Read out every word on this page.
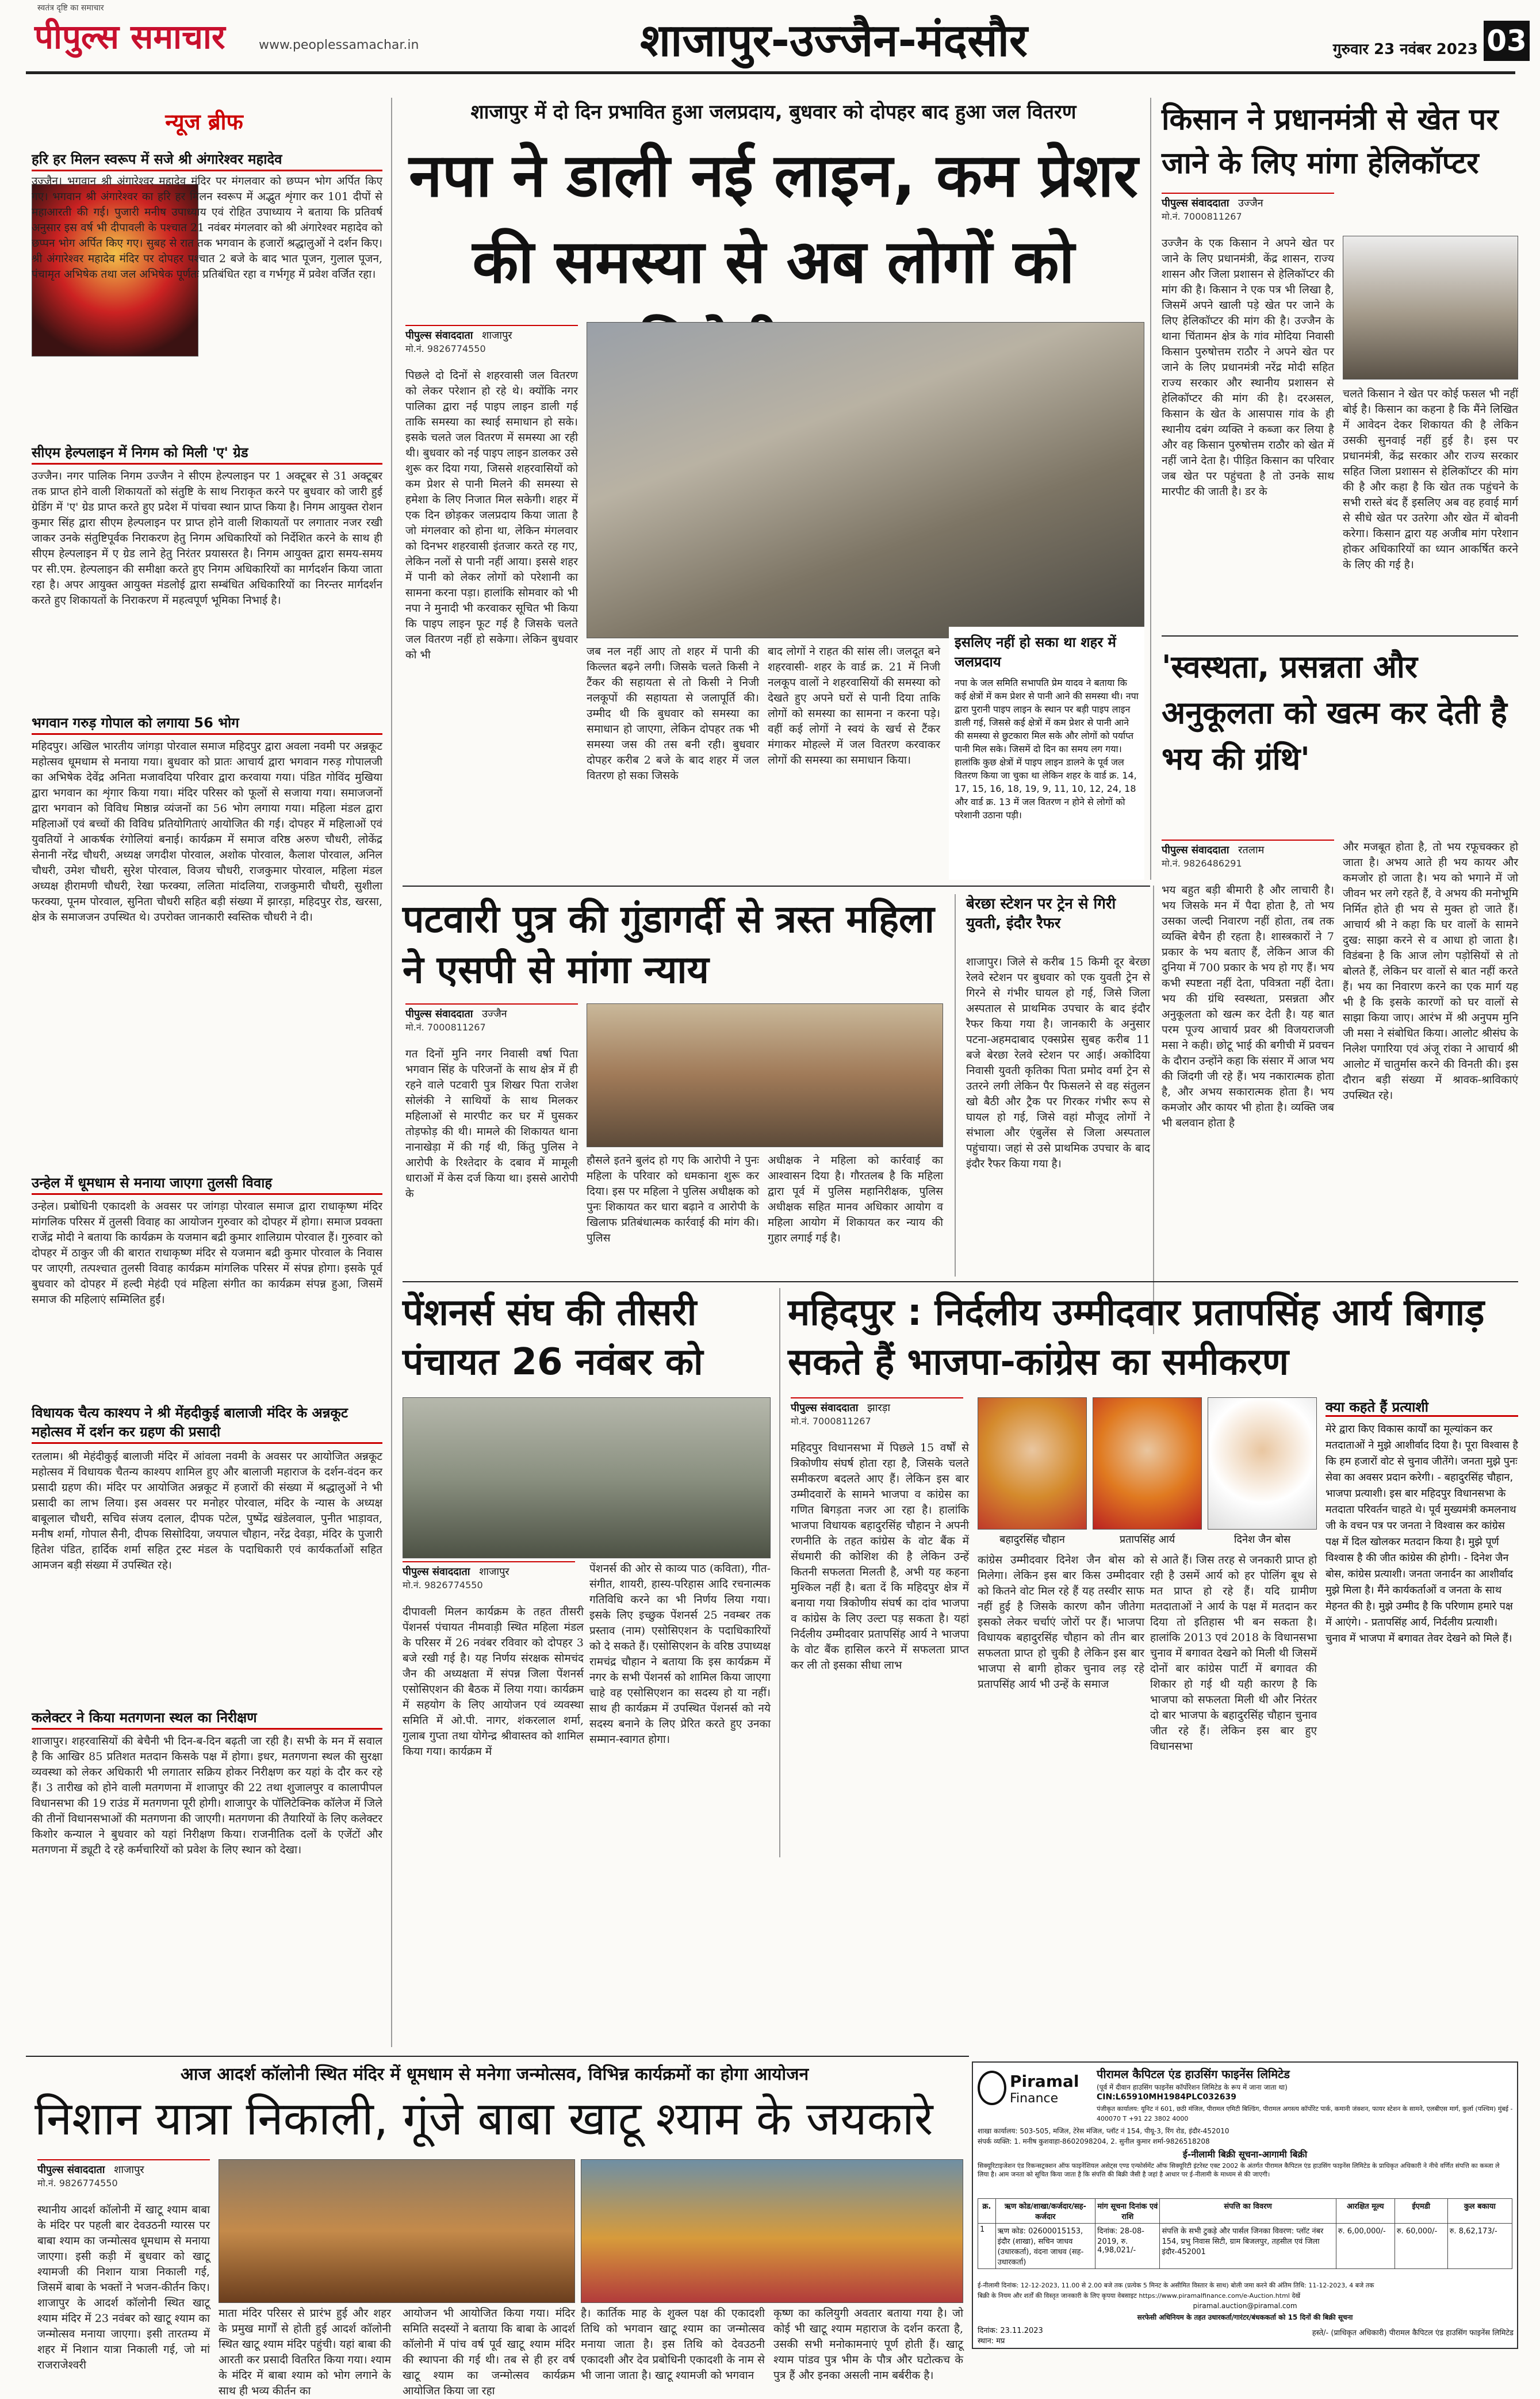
स्वतंत्र दृष्टि का समाचार
पीपुल्स समाचार	www.peoplessamachar.in	शाजापुर-उज्जैन-मंदसौर	गुरुवार 23 नवंबर 2023 03
न्यूज ब्रीफ
हरि हर मिलन स्वरूप में सजे श्री अंगारेश्वर महादेव
उज्जैन। भगवान श्री अंगारेश्वर महादेव मंदिर पर मंगलवार को छप्पन भोग अर्पित किए गए। भगवान श्री अंगारेश्वर का हरि हर मिलन स्वरूप में अद्भुत शृंगार कर 101 दीपों से महाआरती की गई। पुजारी मनीष उपाध्याय एवं रोहित उपाध्याय ने बताया कि प्रतिवर्ष अनुसार इस वर्ष भी दीपावली के पश्चात 21 नवंबर मंगलवार को श्री अंगारेश्वर महादेव को छप्पन भोग अर्पित किए गए। सुबह से रात तक भगवान के हजारों श्रद्धालुओं ने दर्शन किए। श्री अंगारेश्वर महादेव मंदिर पर दोपहर पश्चात 2 बजे के बाद भात पूजन, गुलाल पूजन, पंचामृत अभिषेक तथा जल अभिषेक पूर्णतः प्रतिबंधित रहा व गर्भगृह में प्रवेश वर्जित रहा।
सीएम हेल्पलाइन में निगम को मिली 'ए' ग्रेड
उज्जैन। नगर पालिक निगम उज्जैन ने सीएम हेल्पलाइन पर 1 अक्टूबर से 31 अक्टूबर तक प्राप्त होने वाली शिकायतों को संतुष्टि के साथ निराकृत करने पर बुधवार को जारी हुई ग्रेडिंग में 'ए' ग्रेड प्राप्त करते हुए प्रदेश में पांचवा स्थान प्राप्त किया है। निगम आयुक्त रोशन कुमार सिंह द्वारा सीएम हेल्पलाइन पर प्राप्त होने वाली शिकायतों पर लगातार नजर रखी जाकर उनके संतुष्टिपूर्वक निराकरण हेतु निगम अधिकारियों को निर्देशित करने के साथ ही सीएम हेल्पलाइन में ए ग्रेड लाने हेतु निरंतर प्रयासरत है। निगम आयुक्त द्वारा समय-समय पर सी.एम. हेल्पलाइन की समीक्षा करते हुए निगम अधिकारियों का मार्गदर्शन किया जाता रहा है। अपर आयुक्त आयुक्त मंडलोई द्वारा सम्बंधित अधिकारियों का निरन्तर मार्गदर्शन करते हुए शिकायतों के निराकरण में महत्वपूर्ण भूमिका निभाई है।
भगवान गरुड़ गोपाल को लगाया 56 भोग
महिदपुर। अखिल भारतीय जांगड़ा पोरवाल समाज महिदपुर द्वारा अवला नवमी पर अन्नकूट महोत्सव धूमधाम से मनाया गया। बुधवार को प्रातः आचार्य द्वारा भगवान गरुड़ गोपालजी का अभिषेक देवेंद्र अनिता मजावदिया परिवार द्वारा करवाया गया। पंडित गोविंद मुखिया द्वारा भगवान का शृंगार किया गया। मंदिर परिसर को फूलों से सजाया गया। समाजजनों द्वारा भगवान को विविध मिष्ठान्न व्यंजनों का 56 भोग लगाया गया। महिला मंडल द्वारा महिलाओं एवं बच्चों की विविध प्रतियोगिताएं आयोजित की गई। दोपहर में महिलाओं एवं युवतियों ने आकर्षक रंगोलियां बनाई। कार्यक्रम में समाज वरिष्ठ अरुण चौधरी, लोकेंद्र सेनानी नरेंद्र चौधरी, अध्यक्ष जगदीश पोरवाल, अशोक पोरवाल, कैलाश पोरवाल, अनिल चौधरी, उमेश चौधरी, सुरेश पोरवाल, विजय चौधरी, राजकुमार पोरवाल, महिला मंडल अध्यक्ष हीरामणी चौधरी, रेखा फरक्या, ललिता मांदलिया, राजकुमारी चौधरी, सुशीला फरक्या, पूनम पोरवाल, सुनिता चौधरी सहित बड़ी संख्या में झारड़ा, महिदपुर रोड, खरसा, क्षेत्र के समाजजन उपस्थित थे। उपरोक्त जानकारी स्वस्तिक चौधरी ने दी।
उन्हेल में धूमधाम से मनाया जाएगा तुलसी विवाह
उन्हेल। प्रबोधिनी एकादशी के अवसर पर जांगड़ा पोरवाल समाज द्वारा राधाकृष्ण मंदिर मांगलिक परिसर में तुलसी विवाह का आयोजन गुरुवार को दोपहर में होगा। समाज प्रवक्ता राजेंद्र मोदी ने बताया कि कार्यक्रम के यजमान बद्री कुमार शालिग्राम पोरवाल हैं। गुरुवार को दोपहर में ठाकुर जी की बारात राधाकृष्ण मंदिर से यजमान बद्री कुमार पोरवाल के निवास पर जाएगी, तत्पश्चात तुलसी विवाह कार्यक्रम मांगलिक परिसर में संपन्न होगा। इसके पूर्व बुधवार को दोपहर में हल्दी मेहंदी एवं महिला संगीत का कार्यक्रम संपन्न हुआ, जिसमें समाज की महिलाएं सम्मिलित हुईं।
विधायक चैत्य काश्यप ने श्री मेंहदीकुई बालाजी मंदिर के अन्नकूट महोत्सव में दर्शन कर ग्रहण की प्रसादी
रतलाम। श्री मेहंदीकुई बालाजी मंदिर में आंवला नवमी के अवसर पर आयोजित अन्नकूट महोत्सव में विधायक चैतन्य काश्यप शामिल हुए और बालाजी महाराज के दर्शन-वंदन कर प्रसादी ग्रहण की। मंदिर पर आयोजित अन्नकूट में हजारों की संख्या में श्रद्धालुओं ने भी प्रसादी का लाभ लिया। इस अवसर पर मनोहर पोरवाल, मंदिर के न्यास के अध्यक्ष बाबूलाल चौधरी, सचिव संजय दलाल, दीपक पटेल, पुष्पेंद्र खंडेलवाल, पुनीत भाड़ावत, मनीष शर्मा, गोपाल सैनी, दीपक सिसोदिया, जयपाल चौहान, नरेंद्र देवड़ा, मंदिर के पुजारी हितेश पंडित, हार्दिक शर्मा सहित ट्रस्ट मंडल के पदाधिकारी एवं कार्यकर्ताओं सहित आमजन बड़ी संख्या में उपस्थित रहे।
कलेक्टर ने किया मतगणना स्थल का निरीक्षण
शाजापुर। शहरवासियों की बेचैनी भी दिन-ब-दिन बढ़ती जा रही है। सभी के मन में सवाल है कि आखिर 85 प्रतिशत मतदान किसके पक्ष में होगा। इधर, मतगणना स्थल की सुरक्षा व्यवस्था को लेकर अधिकारी भी लगातार सक्रिय होकर निरीक्षण कर यहां के दौर कर रहे हैं। 3 तारीख को होने वाली मतगणना में शाजापुर की 22 तथा शुजालपुर व कालापीपल विधानसभा की 19 राउंड में मतगणना पूरी होगी। शाजापुर के पॉलिटेक्निक कॉलेज में जिले की तीनों विधानसभाओं की मतगणना की जाएगी। मतगणना की तैयारियों के लिए कलेक्टर किशोर कन्याल ने बुधवार को यहां निरीक्षण किया। राजनीतिक दलों के एजेंटों और मतगणना में ड्यूटी दे रहे कर्मचारियों को प्रवेश के लिए स्थान को देखा।
शाजापुर में दो दिन प्रभावित हुआ जलप्रदाय, बुधवार को दोपहर बाद हुआ जल वितरण
नपा ने डाली नई लाइन, कम प्रेशर की समस्या से अब लोगों को
पीपुल्स संवाददाता शाजापुर
मो.नं. 9826774550
पिछले दो दिनों से शहरवासी जल वितरण को लेकर परेशान हो रहे थे। क्योंकि नगर पालिका द्वारा नई पाइप लाइन डाली गई ताकि समस्या का स्थाई समाधान हो सके। इसके चलते जल वितरण में समस्या आ रही थी। बुधवार को नई पाइप लाइन डालकर उसे शुरू कर दिया गया, जिससे शहरवासियों को कम प्रेशर से पानी मिलने की समस्या से हमेशा के लिए निजात मिल सकेगी। शहर में एक दिन छोड़कर जलप्रदाय किया जाता है जो मंगलवार को होना था, लेकिन मंगलवार को दिनभर शहरवासी इंतजार करते रह गए, लेकिन नलों से पानी नहीं आया। इससे शहर में पानी को लेकर लोगों को परेशानी का सामना करना पड़ा। हालांकि सोमवार को भी नपा ने मुनादी भी करवाकर सूचित भी किया कि पाइप लाइन फूट गई है जिसके चलते जल वितरण नहीं हो सकेगा। लेकिन बुधवार को भी	जब नल नहीं आए तो शहर में पानी की किल्लत बढ़ने लगी। जिसके चलते किसी ने टैंकर की सहायता से तो किसी ने निजी नलकूपों की सहायता से जलापूर्ति की। उम्मीद थी कि बुधवार को समस्या का समाधान हो जाएगा, लेकिन दोपहर तक भी समस्या जस की तस बनी रही। बुधवार दोपहर करीब 2 बजे के बाद शहर में जल वितरण हो सका जिसके
बाद लोगों ने राहत की सांस ली। जलदूत बने शहरवासी- शहर के वार्ड क्र. 21 में निजी नलकूप वालों ने शहरवासियों की समस्या को देखते हुए अपने घरों से पानी दिया ताकि लोगों को समस्या का सामना न करना पड़े। वहीं कई लोगों ने स्वयं के खर्च से टैंकर मंगाकर मोहल्ले में जल वितरण करवाकर लोगों की समस्या का समाधान किया।
इसलिए नहीं हो सका था शहर में जलप्रदाय
नपा के जल समिति सभापति प्रेम यादव ने बताया कि कई क्षेत्रों में कम प्रेशर से पानी आने की समस्या थी। नपा द्वारा पुरानी पाइप लाइन के स्थान पर बड़ी पाइप लाइन डाली गई, जिससे कई क्षेत्रों में कम प्रेशर से पानी आने की समस्या से छुटकारा मिल सके और लोगों को पर्याप्त पानी मिल सके। जिसमें दो दिन का समय लग गया। हालांकि कुछ क्षेत्रों में पाइप लाइन डालने के पूर्व जल वितरण किया जा चुका था लेकिन शहर के वार्ड क्र. 14, 17, 15, 16, 18, 19, 9, 11, 10, 12, 24, 18 और वार्ड क्र. 13 में जल वितरण न होने से लोगों को परेशानी उठाना पड़ी।
किसान ने प्रधानमंत्री से खेत पर जाने के लिए मांगा हेलिकॉप्टर
पीपुल्स संवाददाता उज्जैन
मो.नं. 7000811267
उज्जैन के एक किसान ने अपने खेत पर जाने के लिए प्रधानमंत्री, केंद्र शासन, राज्य शासन और जिला प्रशासन से हेलिकॉप्टर की मांग की है। किसान ने एक पत्र भी लिखा है, जिसमें अपने खाली पड़े खेत पर जाने के लिए हेलिकॉप्टर की मांग की है। उज्जैन के थाना चिंतामन क्षेत्र के गांव मोदिया निवासी किसान पुरुषोत्तम राठौर ने अपने खेत पर जाने के लिए प्रधानमंत्री नरेंद्र मोदी सहित राज्य सरकार और स्थानीय प्रशासन से हेलिकॉप्टर की मांग की है। दरअसल, किसान के खेत के आसपास गांव के ही स्थानीय दबंग व्यक्ति ने कब्जा कर लिया है और वह किसान पुरुषोत्तम राठौर को खेत में नहीं जाने देता है। पीड़ित किसान का परिवार जब खेत पर पहुंचता है तो उनके साथ मारपीट की जाती है। डर के
चलते किसान ने खेत पर कोई फसल भी नहीं बोई है। किसान का कहना है कि मैंने लिखित में आवेदन देकर शिकायत की है लेकिन उसकी सुनवाई नहीं हुई है। इस पर प्रधानमंत्री, केंद्र सरकार और राज्य सरकार सहित जिला प्रशासन से हेलिकॉप्टर की मांग की है और कहा है कि खेत तक पहुंचने के सभी रास्ते बंद हैं इसलिए अब वह हवाई मार्ग से सीधे खेत पर उतरेगा और खेत में बोवनी करेगा। किसान द्वारा यह अजीब मांग परेशान होकर अधिकारियों का ध्यान आकर्षित करने के लिए की गई है।
'स्वस्थता, प्रसन्नता और अनुकूलता को खत्म कर देती है भय की ग्रंथि'
पीपुल्स संवाददाता रतलाम
मो.नं. 9826486291
भय बहुत बड़ी बीमारी है और लाचारी है। भय जिसके मन में पैदा होता है, तो भय उसका जल्दी निवारण नहीं होता, तब तक व्यक्ति बेचैन ही रहता है। शास्त्रकारों ने 7 प्रकार के भय बताए हैं, लेकिन आज की दुनिया में 700 प्रकार के भय हो गए हैं। भय कभी स्पष्टता नहीं देता, पवित्रता नहीं देता। भय की ग्रंथि स्वस्थता, प्रसन्नता और अनुकूलता को खत्म कर देती है। यह बात परम पूज्य आचार्य प्रवर श्री विजयराजजी मसा ने कही। छोटू भाई की बगीची में प्रवचन के दौरान उन्होंने कहा कि संसार में आज भय की जिंदगी जी रहे हैं। भय नकारात्मक होता है, और अभय सकारात्मक होता है। भय कमजोर और कायर भी होता है। व्यक्ति जब भी बलवान होता है
और मजबूत होता है, तो भय रफूचक्कर हो जाता है। अभय आते ही भय कायर और कमजोर हो जाता है। भय को भगाने में जो जीवन भर लगे रहते हैं, वे अभय की मनोभूमि निर्मित होते ही भय से मुक्त हो जाते हैं। आचार्य श्री ने कहा कि घर वालों के सामने दुख: साझा करने से व आधा हो जाता है। विडंबना है कि आज लोग पड़ोसियों से तो बोलते हैं, लेकिन घर वालों से बात नहीं करते हैं। भय का निवारण करने का एक मार्ग यह भी है कि इसके कारणों को घर वालों से साझा किया जाए। आरंभ में श्री अनुपम मुनि जी मसा ने संबोधित किया। आलोट श्रीसंघ के निलेश पगारिया एवं अंजू रांका ने आचार्य श्री आलोट में चातुर्मास करने की विनती की। इस दौरान बड़ी संख्या में श्रावक-श्राविकाएं उपस्थित रहे।
पटवारी पुत्र की गुंडागर्दी से त्रस्त महिला ने एसपी से मांगा न्याय
पीपुल्स संवाददाता उज्जैन
मो.नं. 7000811267
गत दिनों मुनि नगर निवासी वर्षा पिता भगवान सिंह के परिजनों के साथ क्षेत्र में ही रहने वाले पटवारी पुत्र शिखर पिता राजेश सोलंकी ने साथियों के साथ मिलकर महिलाओं से मारपीट कर घर में घुसकर तोड़फोड़ की थी। मामले की शिकायत थाना नानाखेड़ा में की गई थी, किंतु पुलिस ने आरोपी के रिश्तेदार के दबाव में मामूली धाराओं में केस दर्ज किया था। इससे आरोपी के
हौसले इतने बुलंद हो गए कि आरोपी ने पुनः महिला के परिवार को धमकाना शुरू कर दिया। इस पर महिला ने पुलिस अधीक्षक को पुनः शिकायत कर धारा बढ़ाने व आरोपी के खिलाफ प्रतिबंधात्मक कार्रवाई की मांग की। पुलिस
अधीक्षक ने महिला को कार्रवाई का आश्वासन दिया है। गौरतलब है कि महिला द्वारा पूर्व में पुलिस महानिरीक्षक, पुलिस अधीक्षक सहित मानव अधिकार आयोग व महिला आयोग में शिकायत कर न्याय की गुहार लगाई गई है।
बेरछा स्टेशन पर ट्रेन से गिरी युवती, इंदौर रैफर
शाजापुर। जिले से करीब 15 किमी दूर बेरछा रेलवे स्टेशन पर बुधवार को एक युवती ट्रेन से गिरने से गंभीर घायल हो गई, जिसे जिला अस्पताल से प्राथमिक उपचार के बाद इंदौर रैफर किया गया है। जानकारी के अनुसार पटना-अहमदाबाद एक्सप्रेस सुबह करीब 11 बजे बेरछा रेलवे स्टेशन पर आई। अकोदिया निवासी युवती कृतिका पिता प्रमोद वर्मा ट्रेन से उतरने लगी लेकिन पैर फिसलने से वह संतुलन खो बैठी और ट्रैक पर गिरकर गंभीर रूप से घायल हो गई, जिसे वहां मौजूद लोगों ने संभाला और एंबुलेंस से जिला अस्पताल पहुंचाया। जहां से उसे प्राथमिक उपचार के बाद इंदौर रैफर किया गया है।
पेंशनर्स संघ की तीसरी पंचायत 26 नवंबर को
पीपुल्स संवाददाता शाजापुर
मो.नं. 9826774550
दीपावली मिलन कार्यक्रम के तहत तीसरी पेंशनर्स पंचायत नीमवाड़ी स्थित महिला मंडल के परिसर में 26 नवंबर रविवार को दोपहर 3 बजे रखी गई है। यह निर्णय संरक्षक सोमचंद जैन की अध्यक्षता में संपन्न जिला पेंशनर्स एसोसिएशन की बैठक में लिया गया। कार्यक्रम में सहयोग के लिए आयोजन एवं व्यवस्था समिति में ओ.पी. नागर, शंकरलाल शर्मा, गुलाब गुप्ता तथा योगेन्द्र श्रीवास्तव को शामिल किया गया। कार्यक्रम में
पेंशनर्स की ओर से काव्य पाठ (कविता), गीत-संगीत, शायरी, हास्य-परिहास आदि रचनात्मक गतिविधि करने का भी निर्णय लिया गया। इसके लिए इच्छुक पेंशनर्स 25 नवम्बर तक प्रस्ताव (नाम) एसोसिएशन के पदाधिकारियों को दे सकते हैं। एसोसिएशन के वरिष्ठ उपाध्यक्ष रामचंद्र चौहान ने बताया कि इस कार्यक्रम में नगर के सभी पेंशनर्स को शामिल किया जाएगा चाहे वह एसोसिएशन का सदस्य हो या नहीं। साथ ही कार्यक्रम में उपस्थित पेंशनर्स को नये सदस्य बनाने के लिए प्रेरित करते हुए उनका सम्मान-स्वागत होगा।
महिदपुर : निर्दलीय उम्मीदवार प्रतापसिंह आर्य बिगाड़ सकते हैं भाजपा-कांग्रेस का समीकरण
पीपुल्स संवाददाता झारड़ा
मो.नं. 7000811267
बहादुरसिंह चौहान	प्रतापसिंह आर्य	दिनेश जैन बोस
महिदपुर विधानसभा में पिछले 15 वर्षों से त्रिकोणीय संघर्ष होता रहा है, जिसके चलते समीकरण बदलते आए हैं। लेकिन इस बार उम्मीदवारों के सामने भाजपा व कांग्रेस का गणित बिगड़ता नजर आ रहा है। हालांकि भाजपा विधायक बहादुरसिंह चौहान ने अपनी रणनीति के तहत कांग्रेस के वोट बैंक में सेंधमारी की कोशिश की है लेकिन उन्हें कितनी सफलता मिलती है, अभी यह कहना मुश्किल नहीं है। बता दें कि महिदपुर क्षेत्र में बनाया गया त्रिकोणीय संघर्ष का दांव भाजपा व कांग्रेस के लिए उल्टा पड़ सकता है। यहां निर्दलीय उम्मीदवार प्रतापसिंह आर्य ने भाजपा के वोट बैंक हासिल करने में सफलता प्राप्त कर ली तो इसका सीधा लाभ
कांग्रेस उम्मीदवार दिनेश जैन बोस को मिलेगा। लेकिन इस बार किस उम्मीदवार को कितने वोट मिल रहे हैं यह तस्वीर साफ नहीं हुई है जिसके कारण कौन जीतेगा इसको लेकर चर्चाएं जोरों पर हैं। भाजपा विधायक बहादुरसिंह चौहान को तीन बार सफलता प्राप्त हो चुकी है लेकिन इस बार भाजपा से बागी होकर चुनाव लड़ रहे प्रतापसिंह आर्य भी उन्हें के समाज
से आते हैं। जिस तरह से जनकारी प्राप्त हो रही है उसमें आर्य को हर पोलिंग बूथ से मत प्राप्त हो रहे हैं। यदि ग्रामीण मतदाताओं ने आर्य के पक्ष में मतदान कर दिया तो इतिहास भी बन सकता है। हालांकि 2013 एवं 2018 के विधानसभा चुनाव में बगावत देखने को मिली थी जिसमें दोनों बार कांग्रेस पार्टी में बगावत की शिकार हो गई थी यही कारण है कि भाजपा को सफलता मिली थी और निरंतर दो बार भाजपा के बहादुरसिंह चौहान चुनाव जीत रहे हैं। लेकिन इस बार हुए विधानसभा
क्या कहते हैं प्रत्याशी
मेरे द्वारा किए विकास कार्यों का मूल्यांकन कर मतदाताओं ने मुझे आशीर्वाद दिया है। पूरा विश्वास है कि हम हजारों वोट से चुनाव जीतेंगे। जनता मुझे पुनः सेवा का अवसर प्रदान करेगी। - बहादुरसिंह चौहान, भाजपा प्रत्याशी। इस बार महिदपुर विधानसभा के मतदाता परिवर्तन चाहते थे। पूर्व मुख्यमंत्री कमलनाथ जी के वचन पत्र पर जनता ने विश्वास कर कांग्रेस पक्ष में दिल खोलकर मतदान किया है। मुझे पूर्ण विश्वास है की जीत कांग्रेस की होगी। - दिनेश जैन बोस, कांग्रेस प्रत्याशी। जनता जनार्दन का आशीर्वाद मुझे मिला है। मैंने कार्यकर्ताओं व जनता के साथ मेहनत की है। मुझे उम्मीद है कि परिणाम हमारे पक्ष में आएंगे। - प्रतापसिंह आर्य, निर्दलीय प्रत्याशी। चुनाव में भाजपा में बगावत तेवर देखने को मिले हैं।
आज आदर्श कॉलोनी स्थित मंदिर में धूमधाम से मनेगा जन्मोत्सव, विभिन्न कार्यक्रमों का होगा आयोजन
निशान यात्रा निकाली, गूंजे बाबा खाटू श्याम के जयकारे
पीपुल्स संवाददाता शाजापुर
मो.नं. 9826774550
स्थानीय आदर्श कॉलोनी में खाटू श्याम बाबा के मंदिर पर पहली बार देवउठनी ग्यारस पर बाबा श्याम का जन्मोत्सव धूमधाम से मनाया जाएगा। इसी कड़ी में बुधवार को खाटू श्यामजी की निशान यात्रा निकाली गई, जिसमें बाबा के भक्तों ने भजन-कीर्तन किए। शाजापुर के आदर्श कॉलोनी स्थित खाटू श्याम मंदिर में 23 नवंबर को खाटू श्याम का जन्मोत्सव मनाया जाएगा। इसी तारतम्य में शहर में निशान यात्रा निकाली गई, जो मां राजराजेश्वरी
माता मंदिर परिसर से प्रारंभ हुई और शहर के प्रमुख मार्गों से होती हुई आदर्श कॉलोनी स्थित खाटू श्याम मंदिर पहुंची। यहां बाबा की आरती कर प्रसादी वितरित किया गया। श्याम के मंदिर में बाबा श्याम को भोग लगाने के साथ ही भव्य कीर्तन का
आयोजन भी आयोजित किया गया। मंदिर समिति सदस्यों ने बताया कि बाबा के आदर्श कॉलोनी में पांच वर्ष पूर्व खाटू श्याम मंदिर की स्थापना की गई थी। तब से ही हर वर्ष खाटू श्याम का जन्मोत्सव कार्यक्रम आयोजित किया जा रहा
है। कार्तिक माह के शुक्ल पक्ष की एकादशी तिथि को भगवान खाटू श्याम का जन्मोत्सव मनाया जाता है। इस तिथि को देवउठनी एकादशी और देव प्रबोधिनी एकादशी के नाम से भी जाना जाता है। खाटू श्यामजी को भगवान
कृष्ण का कलियुगी अवतार बताया गया है। जो कोई भी खाटू श्याम महाराज के दर्शन करता है, उसकी सभी मनोकामनाएं पूर्ण होती हैं। खाटू श्याम पांडव पुत्र भीम के पौत्र और घटोत्कच के पुत्र हैं और इनका असली नाम बर्बरीक है।
Piramal
Finance
पीरामल कैपिटल एंड हाउसिंग फाइनेंस लिमिटेड
(पूर्व में दीवान हाउसिंग फाइनेंस कॉर्पोरेशन लिमिटेड के रूप में जाना जाता था)
CIN:L65910MH1984PLC032639
पंजीकृत कार्यालय: यूनिट नं 601, छठी मंजिल, पीरामल एमिटी बिल्डिंग, पीरामल अगस्त्य कॉर्पोरेट पार्क, कमानी जंक्शन, फायर स्टेशन के सामने, एलबीएस मार्ग, कुर्ला (पश्चिम) मुंबई - 400070 T +91 22 3802 4000
शाखा कार्यालय: 503-505, मजिल, टेरेस मंजिल, प्लॉट नं 154, पीयू-3, रिंग रोड, इंदौर-452010
संपर्क व्यक्ति: 1. मनीष कुशवाहा-8602098204, 2. सुनील कुमार शर्मा-9826518208
ई-नीलामी बिक्री सूचना-आगामी बिक्री
सिक्यूरिटाइजेशन एंड रिकन्सट्रक्शन ऑफ फाइनेंशियल असेट्स एण्ड एन्फोर्समेंट ऑफ सिक्यूरिटी इंटरेस्ट एक्ट 2002 के अंतर्गत पीरामल कैपिटल एंड हाउसिंग फाइनेंस लिमिटेड के प्राधिकृत अधिकारी ने नीचे वर्णित संपत्ति का कब्जा ले लिया है। आम जनता को सूचित किया जाता है कि संपत्ति की बिक्री जैसी है जहां है आधार पर ई-नीलामी के माध्यम से की जाएगी।
क्र.	ऋण कोड/शाखा/कर्जदार/सह-कर्जदार	मांग सूचना दिनांक एवं राशि	संपत्ति का विवरण	आरक्षित मूल्य	ईएमडी	कुल बकाया
1	ऋण कोड: 02600015153, इंदौर (शाखा), सचिन जाधव (उधारकर्ता), वंदना जाधव (सह-उधारकर्ता)	दिनांक: 28-08-2019, रु. 4,98,021/-	संपत्ति के सभी टुकड़े और पार्सल जिनका विवरण: प्लॉट नंबर 154, प्रभु निवास सिटी, ग्राम बिजलपुर, तहसील एवं जिला इंदौर-452001	रु. 6,00,000/-	रु. 60,000/-	रु. 8,62,173/-
ई-नीलामी दिनांक: 12-12-2023, 11.00 से 2.00 बजे तक (प्रत्येक 5 मिनट के असीमित विस्तार के साथ) बोली जमा करने की अंतिम तिथि: 11-12-2023, 4 बजे तक
बिक्री के नियम और शर्तों की विस्तृत जानकारी के लिए कृपया वेबसाइट https://www.piramalfinance.com/e-Auction.html देखें
piramal.auction@piramal.com
सरफेसी अधिनियम के तहत उधारकर्ता/गारंटर/बंधककर्ता को 15 दिनों की बिक्री सूचना
दिनांक: 23.11.2023
स्थान: मप्र
हस्ते/- (प्राधिकृत अधिकारी) पीरामल कैपिटल एंड हाउसिंग फाइनेंस लिमिटेड
